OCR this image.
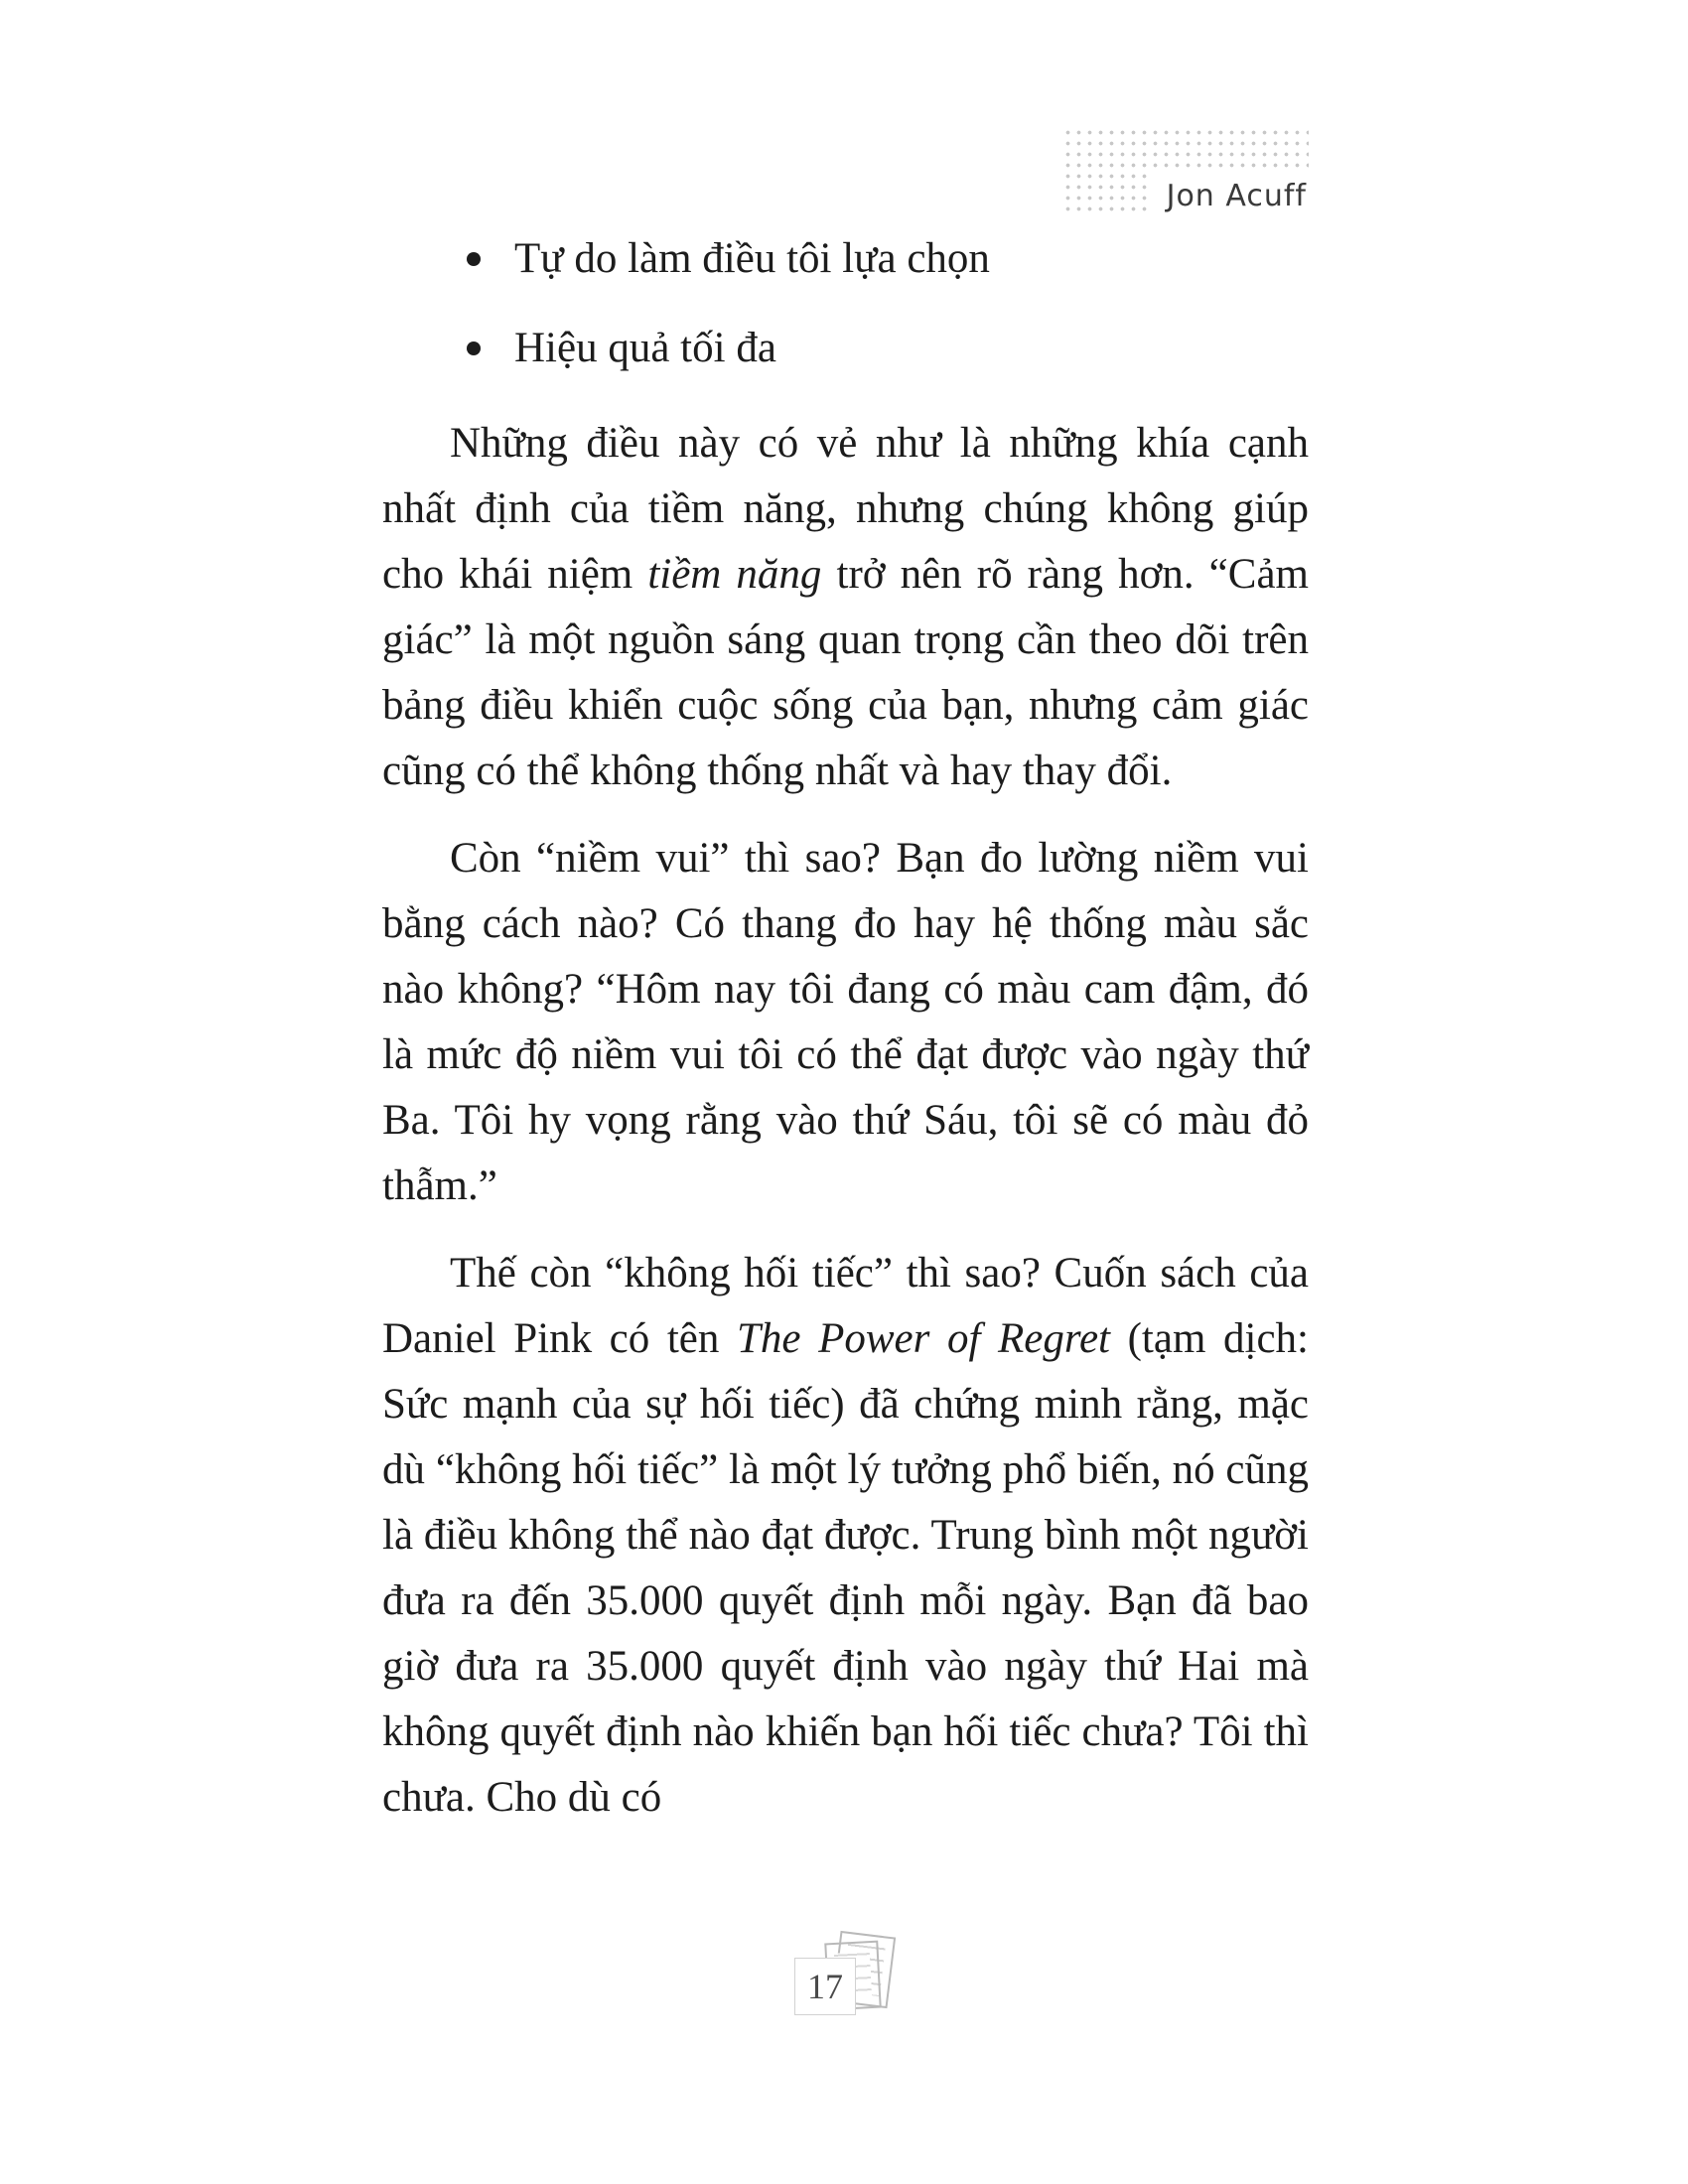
Jon Acuff
Tự do làm điều tôi lựa chọn
Hiệu quả tối đa

Những điều này có vẻ như là những khía cạnh nhất định của tiềm năng, nhưng chúng không giúp cho khái niệm tiềm năng trở nên rõ ràng hơn. “Cảm giác” là một nguồn sáng quan trọng cần theo dõi trên bảng điều khiển cuộc sống của bạn, nhưng cảm giác cũng có thể không thống nhất và hay thay đổi.

Còn “niềm vui” thì sao? Bạn đo lường niềm vui bằng cách nào? Có thang đo hay hệ thống màu sắc nào không? “Hôm nay tôi đang có màu cam đậm, đó là mức độ niềm vui tôi có thể đạt được vào ngày thứ Ba. Tôi hy vọng rằng vào thứ Sáu, tôi sẽ có màu đỏ thẫm.”

Thế còn “không hối tiếc” thì sao? Cuốn sách của Daniel Pink có tên The Power of Regret (tạm dịch: Sức mạnh của sự hối tiếc) đã chứng minh rằng, mặc dù “không hối tiếc” là một lý tưởng phổ biến, nó cũng là điều không thể nào đạt được. Trung bình một người đưa ra đến 35.000 quyết định mỗi ngày. Bạn đã bao giờ đưa ra 35.000 quyết định vào ngày thứ Hai mà không quyết định nào khiến bạn hối tiếc chưa? Tôi thì chưa. Cho dù có

17
